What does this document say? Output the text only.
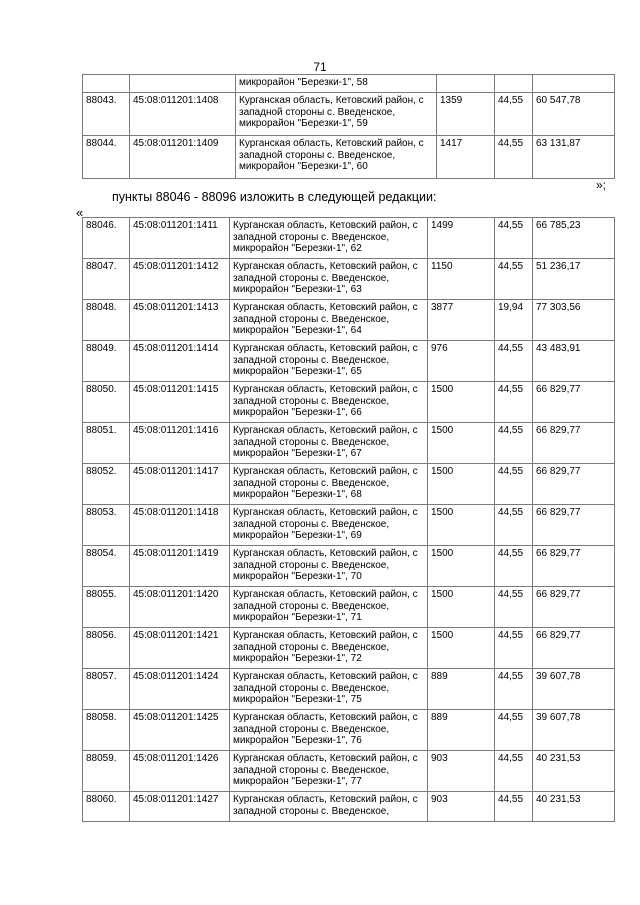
71
		микрорайон "Березки-1", 58			
88043.	45:08:011201:1408	Курганская область, Кетовский район, с западной стороны с. Введенское, микрорайон "Березки-1", 59	1359	44,55	60 547,78
88044.	45:08:011201:1409	Курганская область, Кетовский район, с западной стороны с. Введенское, микрорайон "Березки-1", 60	1417	44,55	63 131,87
»;
пункты 88046 - 88096 изложить в следующей редакции:
«
88046.	45:08:011201:1411	Курганская область, Кетовский район, с западной стороны с. Введенское, микрорайон "Березки-1", 62	1499	44,55	66 785,23
88047.	45:08:011201:1412	Курганская область, Кетовский район, с западной стороны с. Введенское, микрорайон "Березки-1", 63	1150	44,55	51 236,17
88048.	45:08:011201:1413	Курганская область, Кетовский район, с западной стороны с. Введенское, микрорайон "Березки-1", 64	3877	19,94	77 303,56
88049.	45:08:011201:1414	Курганская область, Кетовский район, с западной стороны с. Введенское, микрорайон "Березки-1", 65	976	44,55	43 483,91
88050.	45:08:011201:1415	Курганская область, Кетовский район, с западной стороны с. Введенское, микрорайон "Березки-1", 66	1500	44,55	66 829,77
88051.	45:08:011201:1416	Курганская область, Кетовский район, с западной стороны с. Введенское, микрорайон "Березки-1", 67	1500	44,55	66 829,77
88052.	45:08:011201:1417	Курганская область, Кетовский район, с западной стороны с. Введенское, микрорайон "Березки-1", 68	1500	44,55	66 829,77
88053.	45:08:011201:1418	Курганская область, Кетовский район, с западной стороны с. Введенское, микрорайон "Березки-1", 69	1500	44,55	66 829,77
88054.	45:08:011201:1419	Курганская область, Кетовский район, с западной стороны с. Введенское, микрорайон "Березки-1", 70	1500	44,55	66 829,77
88055.	45:08:011201:1420	Курганская область, Кетовский район, с западной стороны с. Введенское, микрорайон "Березки-1", 71	1500	44,55	66 829,77
88056.	45:08:011201:1421	Курганская область, Кетовский район, с западной стороны с. Введенское, микрорайон "Березки-1", 72	1500	44,55	66 829,77
88057.	45:08:011201:1424	Курганская область, Кетовский район, с западной стороны с. Введенское, микрорайон "Березки-1", 75	889	44,55	39 607,78
88058.	45:08:011201:1425	Курганская область, Кетовский район, с западной стороны с. Введенское, микрорайон "Березки-1", 76	889	44,55	39 607,78
88059.	45:08:011201:1426	Курганская область, Кетовский район, с западной стороны с. Введенское, микрорайон "Березки-1", 77	903	44,55	40 231,53
88060.	45:08:011201:1427	Курганская область, Кетовский район, с западной стороны с. Введенское,	903	44,55	40 231,53
